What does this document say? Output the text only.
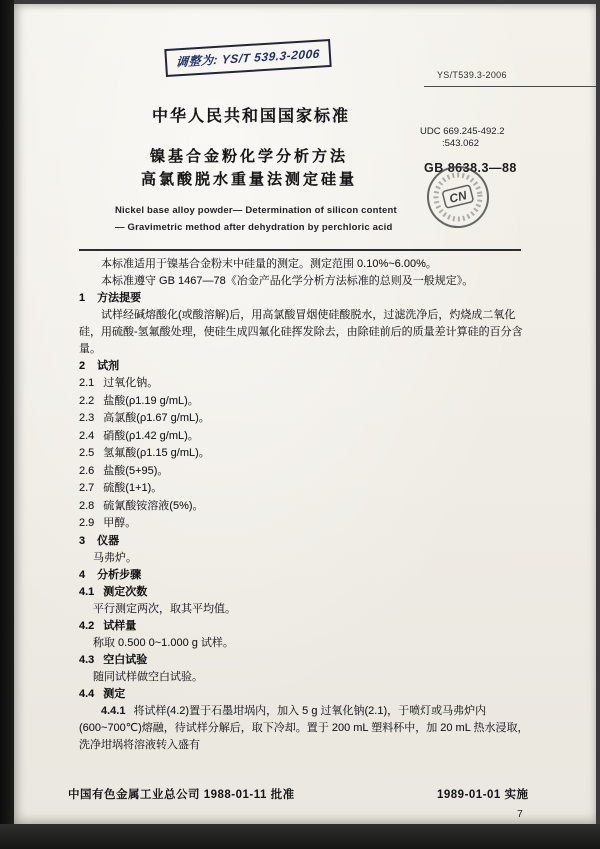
调整为: YS/T 539.3-2006
YS/T539.3-2006
中华人民共和国国家标准
UDC 669.245-492.2
:543.062
GB 8638.3—88
镍基合金粉化学分析方法
高氯酸脱水重量法测定硅量
Nickel base alloy powder— Determination of silicon content
— Gravimetric method after dehydration by perchloric acid
CN

本标准适用于镍基合金粉末中硅量的测定。测定范围 0.10%~6.00%。

本标准遵守 GB 1467—78《冶金产品化学分析方法标准的总则及一般规定》。

1 方法提要

试样经碱熔酸化(或酸溶解)后，用高氯酸冒烟使硅酸脱水，过滤洗净后，灼烧成二氧化硅，用硫酸-氢氟酸处理，使硅生成四氟化硅挥发除去，由除硅前后的质量差计算硅的百分含量。

2 试剂
2.1 过氧化钠。
2.2 盐酸(ρ1.19 g/mL)。
2.3 高氯酸(ρ1.67 g/mL)。
2.4 硝酸(ρ1.42 g/mL)。
2.5 氢氟酸(ρ1.15 g/mL)。
2.6 盐酸(5+95)。
2.7 硫酸(1+1)。
2.8 硫氰酸铵溶液(5%)。
2.9 甲醇。
3 仪器
马弗炉。
4 分析步骤
4.1 测定次数
平行测定两次，取其平均值。
4.2 试样量
称取 0.500 0~1.000 g 试样。
4.3 空白试验
随同试样做空白试验。
4.4 测定

4.4.1 将试样(4.2)置于石墨坩埚内，加入 5 g 过氧化钠(2.1)，于喷灯或马弗炉内(600~700℃)熔融，待试样分解后，取下冷却。置于 200 mL 塑料杯中，加 20 mL 热水浸取，洗净坩埚将溶液转入盛有

中国有色金属工业总公司 1988-01-11 批准	1989-01-01 实施
7
